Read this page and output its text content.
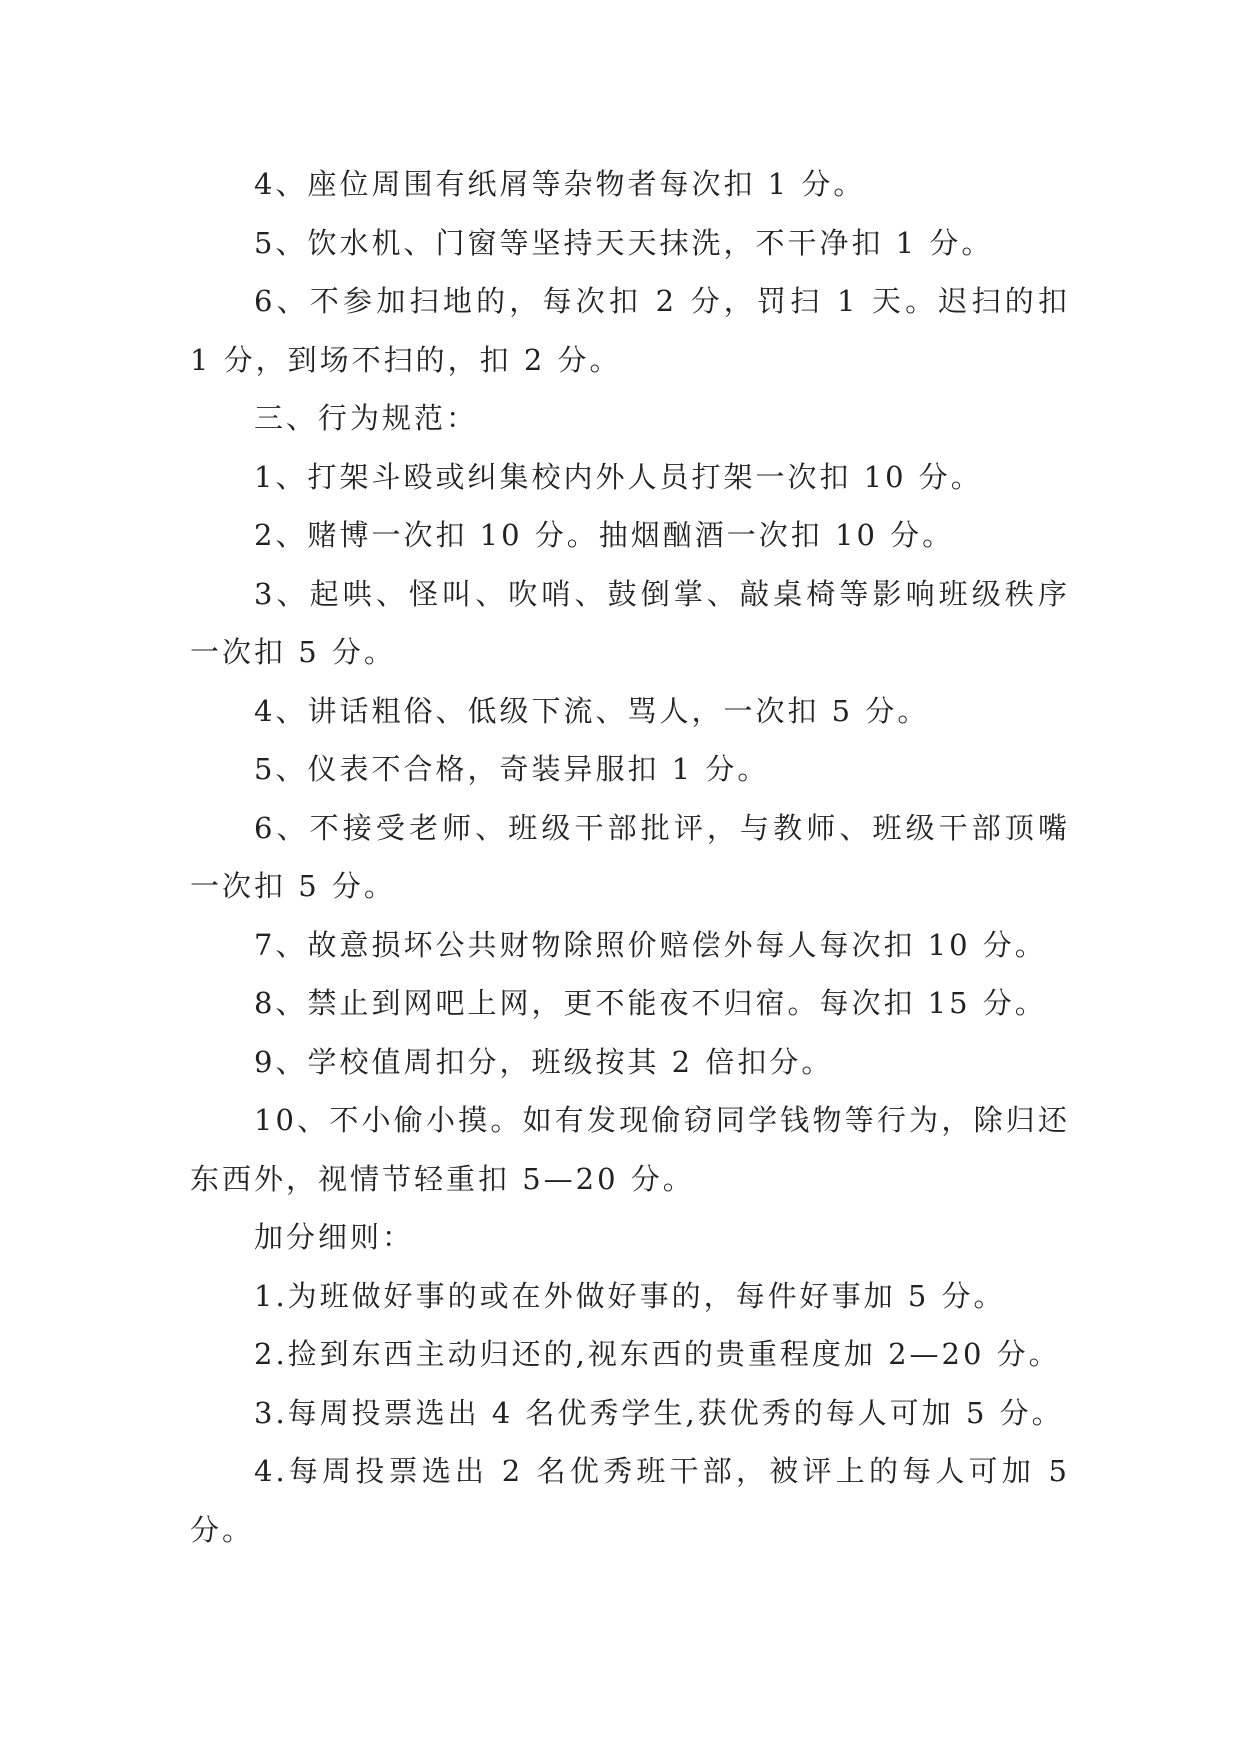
4、座位周围有纸屑等杂物者每次扣 1 分。

5、饮水机、门窗等坚持天天抹洗，不干净扣 1 分。

6、不参加扫地的，每次扣 2 分，罚扫 1 天。迟扫的扣 1 分，到场不扫的，扣 2 分。

三、行为规范：

1、打架斗殴或纠集校内外人员打架一次扣 10 分。

2、赌博一次扣 10 分。抽烟酗酒一次扣 10 分。

3、起哄、怪叫、吹哨、鼓倒掌、敲桌椅等影响班级秩序一次扣 5 分。

4、讲话粗俗、低级下流、骂人，一次扣 5 分。

5、仪表不合格，奇装异服扣 1 分。

6、不接受老师、班级干部批评，与教师、班级干部顶嘴一次扣 5 分。

7、故意损坏公共财物除照价赔偿外每人每次扣 10 分。

8、禁止到网吧上网，更不能夜不归宿。每次扣 15 分。

9、学校值周扣分，班级按其 2 倍扣分。

10、不小偷小摸。如有发现偷窃同学钱物等行为，除归还东西外，视情节轻重扣 5—20 分。

加分细则：

1.为班做好事的或在外做好事的，每件好事加 5 分。

2.捡到东西主动归还的,视东西的贵重程度加 2—20 分。

3.每周投票选出 4 名优秀学生,获优秀的每人可加 5 分。

4.每周投票选出 2 名优秀班干部，被评上的每人可加 5 分。
